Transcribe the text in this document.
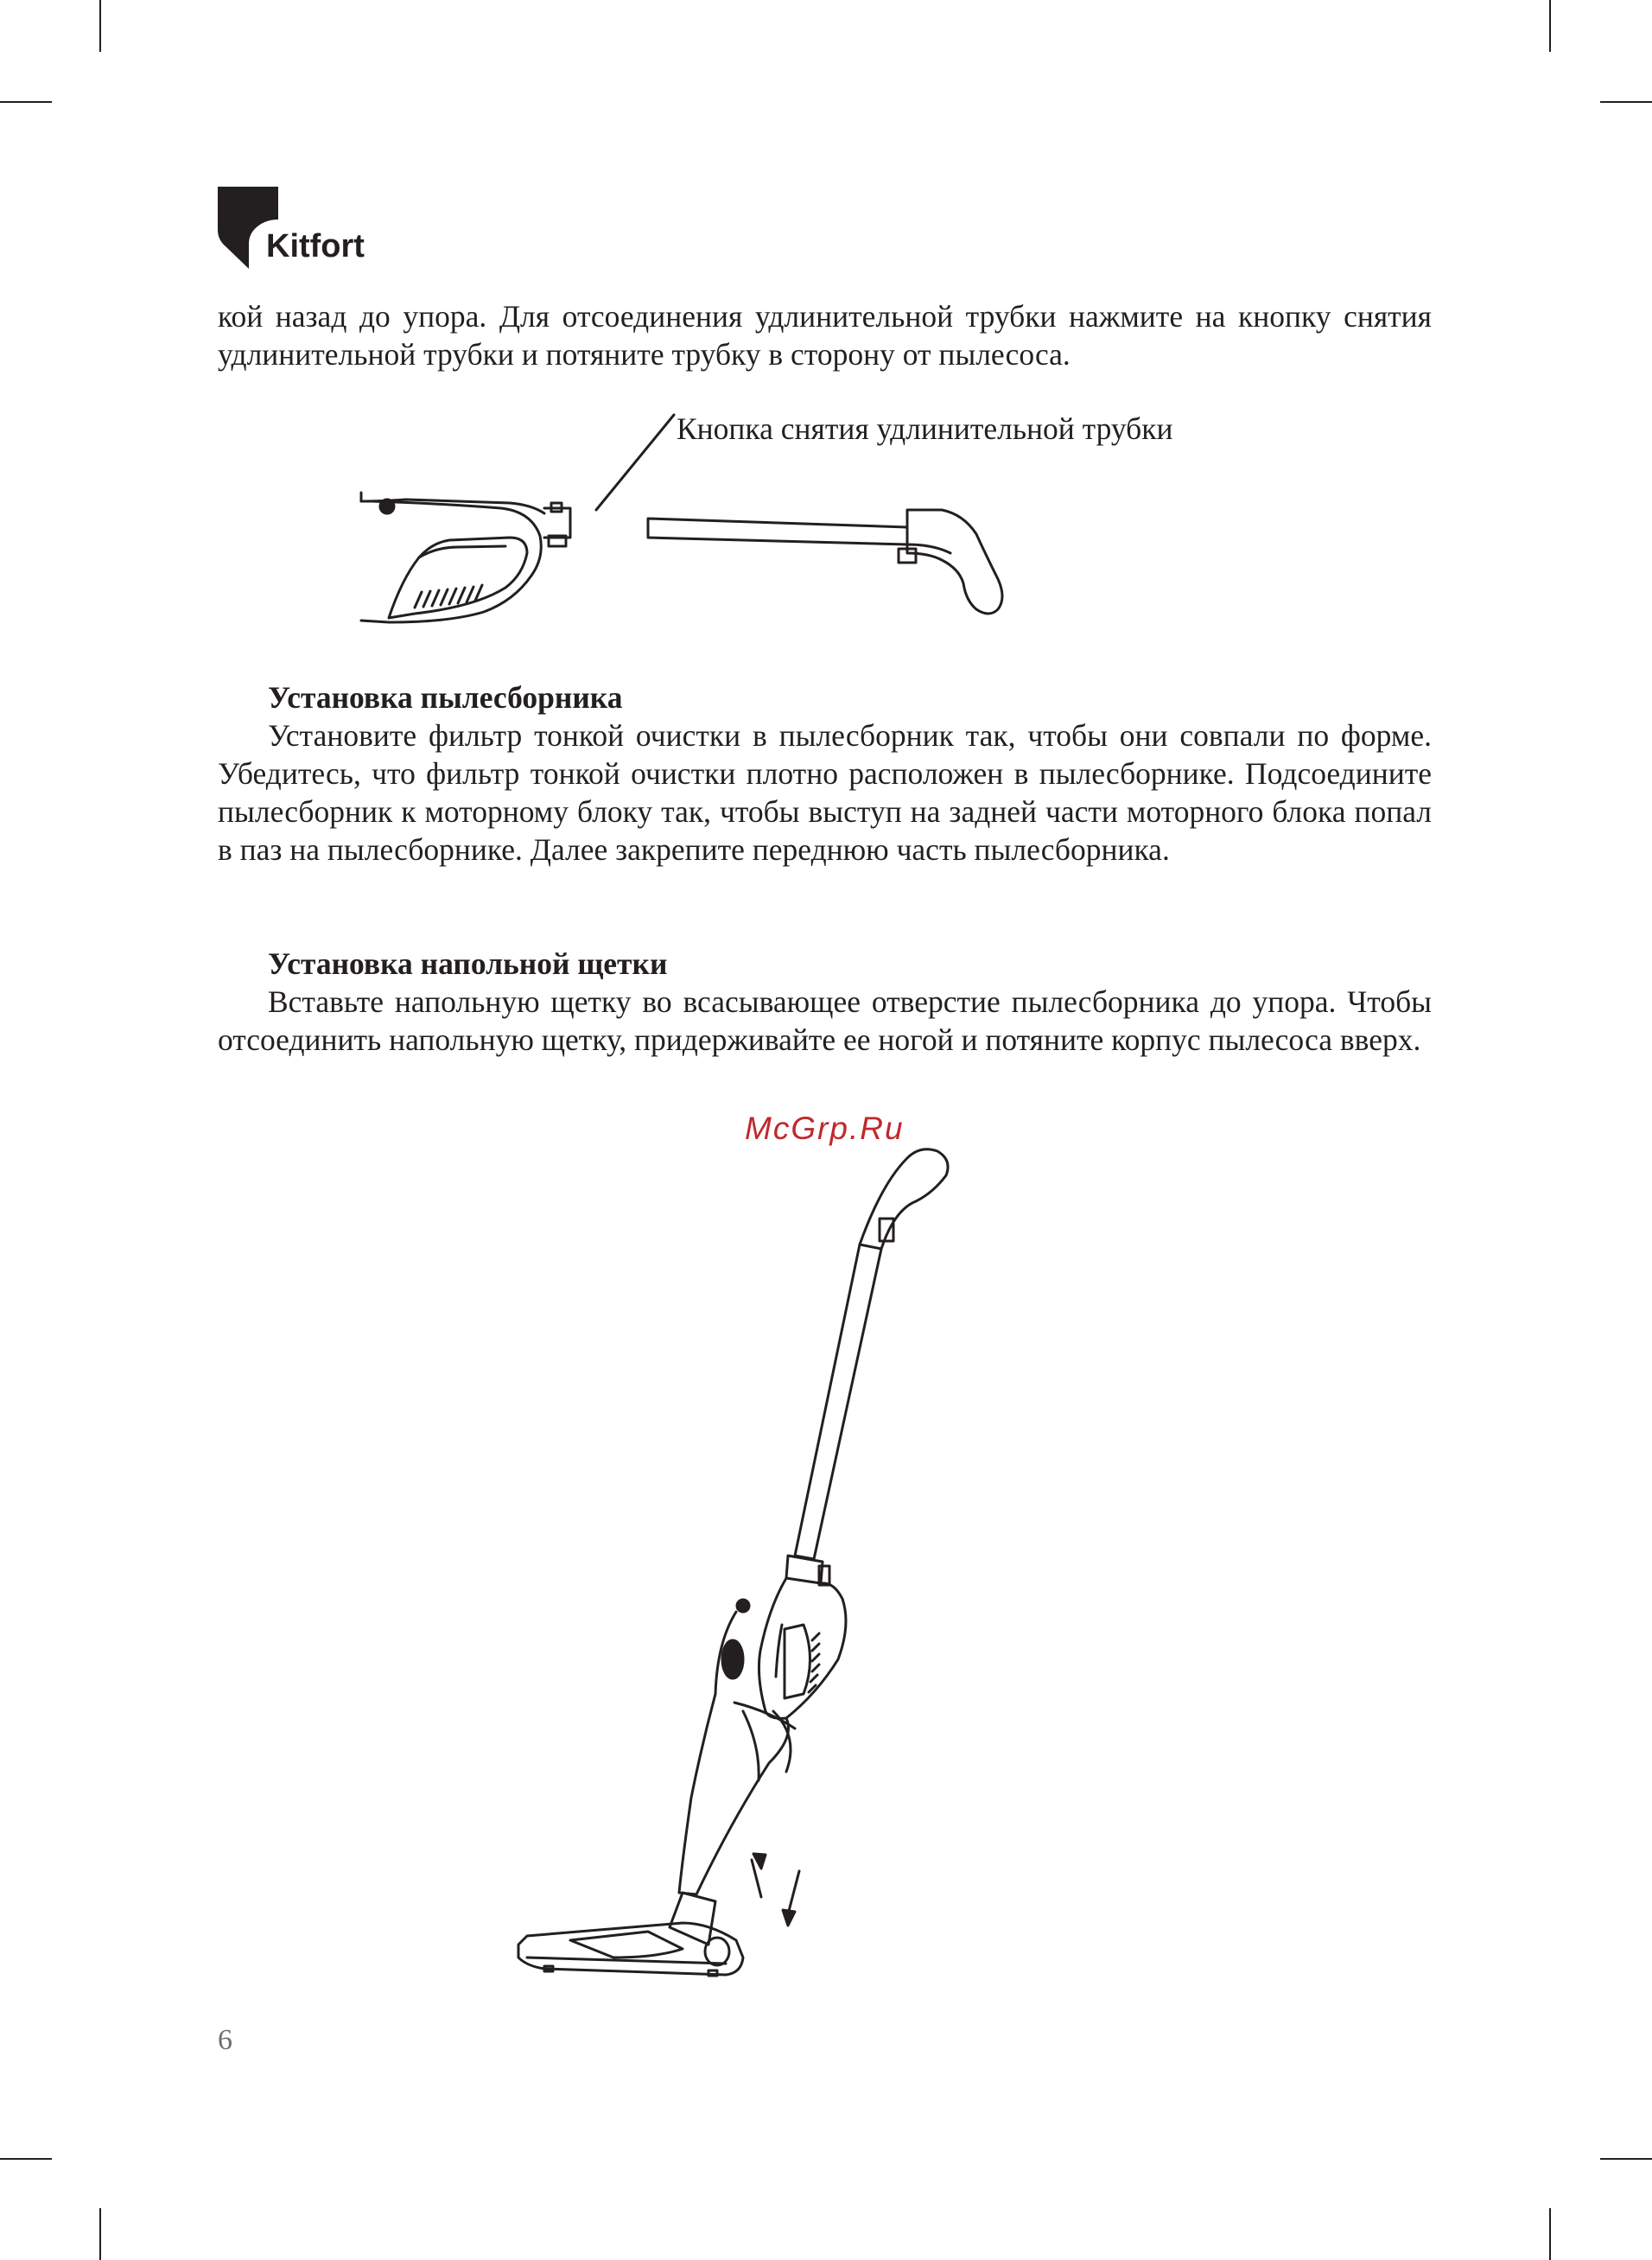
Kitfort

кой назад до упора. Для отсоединения удлинительной трубки нажмите на кнопку снятия удлинительной трубки и потяните трубку в сторону от пылесоса.

Кнопка снятия удлинительной трубки

Установка пылесборника

Установите фильтр тонкой очистки в пылесборник так, чтобы они совпали по форме. Убедитесь, что фильтр тонкой очистки плотно расположен в пылесборнике. Подсоедините пылесборник к моторному блоку так, чтобы выступ на задней части моторного блока попал в паз на пылесборнике. Далее закрепите переднюю часть пылесборника.

Установка напольной щетки

Вставьте напольную щетку во всасывающее отверстие пылесборника до упора. Чтобы отсоединить напольную щетку, придерживайте ее ногой и потяните корпус пылесоса вверх.

McGrp.Ru
6
